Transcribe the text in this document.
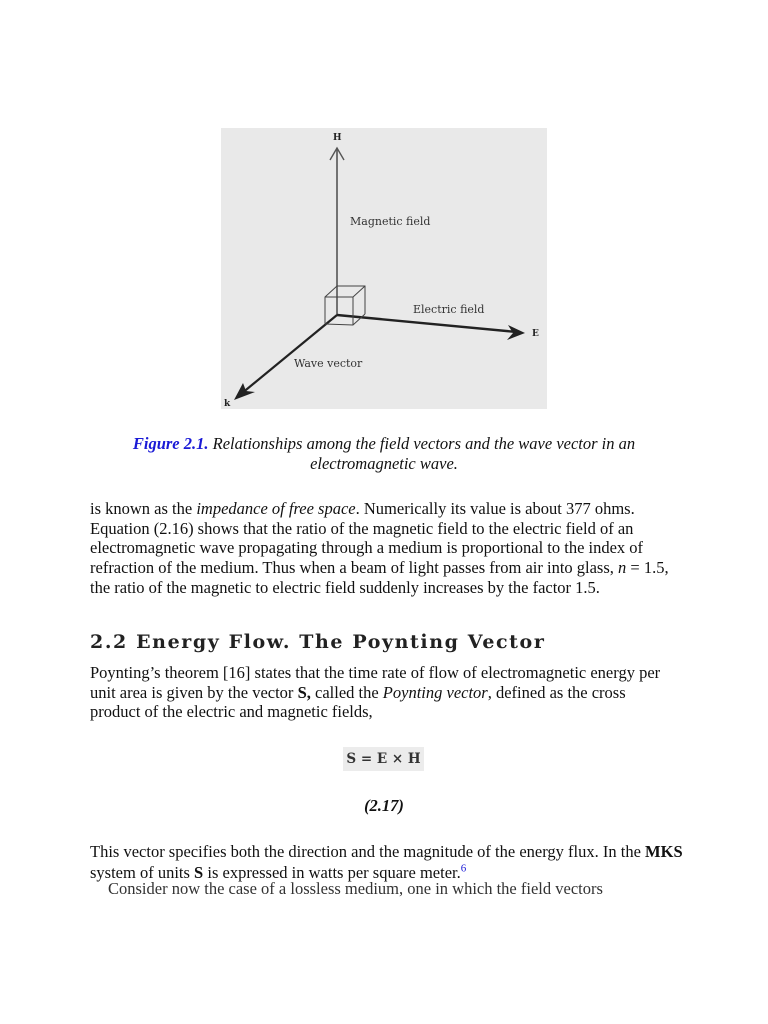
H
E
k
Magnetic field
Electric field
Wave vector
Figure 2.1. Relationships among the field vectors and the wave vector in an electromagnetic wave.

is known as the impedance of free space. Numerically its value is about 377 ohms. Equation (2.16) shows that the ratio of the magnetic field to the electric field of an electromagnetic wave propagating through a medium is proportional to the index of refraction of the medium. Thus when a beam of light passes from air into glass, n = 1.5, the ratio of the magnetic to electric field suddenly increases by the factor 1.5.

2.2 Energy Flow. The Poynting Vector

Poynting’s theorem [16] states that the time rate of flow of electromagnetic energy per unit area is given by the vector S, called the Poynting vector, defined as the cross product of the electric and magnetic fields,

S = E × H
(2.17)

This vector specifies both the direction and the magnitude of the energy flux. In the MKS system of units S is expressed in watts per square meter.$^6$

Consider now the case of a lossless medium, one in which the field vectors
